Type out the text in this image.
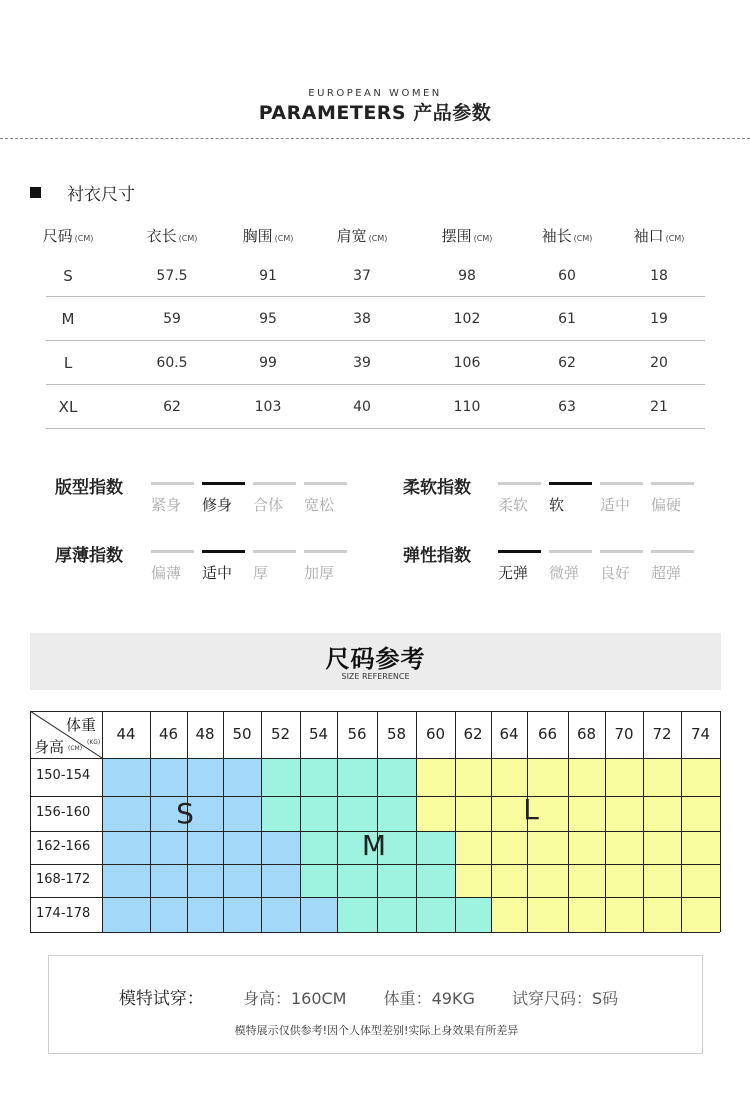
EUROPEAN WOMEN
PARAMETERS 产品参数
衬衣尺寸
尺码 (CM)	衣长 (CM)	胸围 (CM)	肩宽 (CM)	摆围 (CM)	袖长 (CM)	袖口 (CM)
S	57.5	91	37	98	60	18
M	59	95	38	102	61	19
L	60.5	99	39	106	62	20
XL	62	103	40	110	63	21
版型指数
紧身	修身	合体	宽松
柔软指数
柔软	软	适中	偏硬
厚薄指数
偏薄	适中	厚	加厚
弹性指数
无弹	微弹	良好	超弹
尺码参考
SIZE REFERENCE
44	46	48	50	52	54	56	58	60	62	64	66	68	70	72	74
150-154
156-160
162-166
168-172
174-178
体重
身高 (CM)
(KG)
S
M
L
模特试穿： 身高：160CM 体重：49KG 试穿尺码：S码
模特展示仅供参考!因个人体型差别!实际上身效果有所差异
